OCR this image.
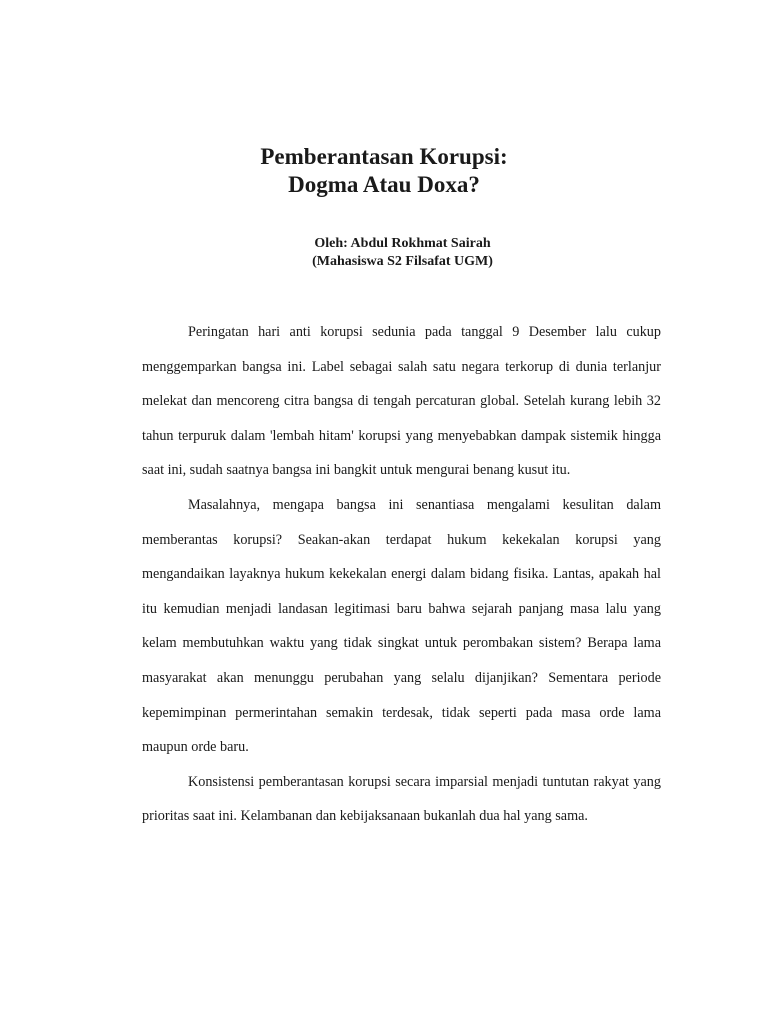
Pemberantasan Korupsi:
Dogma Atau Doxa?
Oleh: Abdul Rokhmat Sairah
(Mahasiswa S2 Filsafat UGM)

Peringatan hari anti korupsi sedunia pada tanggal 9 Desember lalu cukup menggemparkan bangsa ini. Label sebagai salah satu negara terkorup di dunia terlanjur melekat dan mencoreng citra bangsa di tengah percaturan global. Setelah kurang lebih 32 tahun terpuruk dalam 'lembah hitam' korupsi yang menyebabkan dampak sistemik hingga saat ini, sudah saatnya bangsa ini bangkit untuk mengurai benang kusut itu.

Masalahnya, mengapa bangsa ini senantiasa mengalami kesulitan dalam memberantas korupsi? Seakan-akan terdapat hukum kekekalan korupsi yang mengandaikan layaknya hukum kekekalan energi dalam bidang fisika. Lantas, apakah hal itu kemudian menjadi landasan legitimasi baru bahwa sejarah panjang masa lalu yang kelam membutuhkan waktu yang tidak singkat untuk perombakan sistem? Berapa lama masyarakat akan menunggu perubahan yang selalu dijanjikan? Sementara periode kepemimpinan permerintahan semakin terdesak, tidak seperti pada masa orde lama maupun orde baru.

Konsistensi pemberantasan korupsi secara imparsial menjadi tuntutan rakyat yang prioritas saat ini. Kelambanan dan kebijaksanaan bukanlah dua hal yang sama.
